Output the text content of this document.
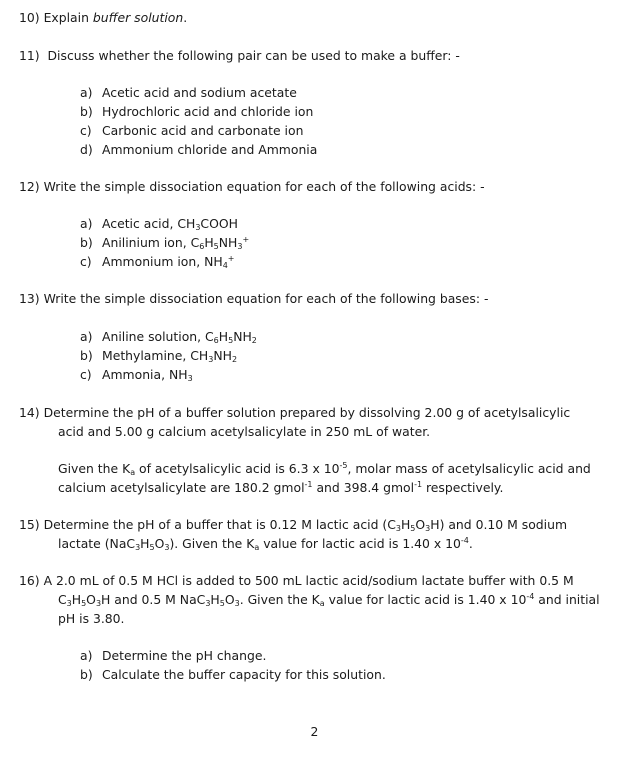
10) Explain buffer solution.
11) Discuss whether the following pair can be used to make a buffer: -
a) Acetic acid and sodium acetate
b) Hydrochloric acid and chloride ion
c) Carbonic acid and carbonate ion
d) Ammonium chloride and Ammonia
12) Write the simple dissociation equation for each of the following acids: -
a) Acetic acid, $CH_3COOH$
b) Anilinium ion, $C_6H_5NH_3^+$
c) Ammonium ion, $NH_4^+$
13) Write the simple dissociation equation for each of the following bases: -
a) Aniline solution, $C_6H_5NH_2$
b) Methylamine, $CH_3NH_2$
c) Ammonia, $NH_3$
14) Determine the pH of a buffer solution prepared by dissolving 2.00 g of acetylsalicylic
acid and 5.00 g calcium acetylsalicylate in 250 mL of water.
Given the $K_a$ of acetylsalicylic acid is 6.3 x $10^{-5}$, molar mass of acetylsalicylic acid and
calcium acetylsalicylate are 180.2 gmol$^{-1}$ and 398.4 gmol$^{-1}$ respectively.
15) Determine the pH of a buffer that is 0.12 M lactic acid $(C_3H_5O_3H)$ and 0.10 M sodium
lactate $(NaC_3H_5O_3)$. Given the $K_a$ value for lactic acid is 1.40 x $10^{-4}$.
16) A 2.0 mL of 0.5 M HCl is added to 500 mL lactic acid/sodium lactate buffer with 0.5 M
$C_3H_5O_3H$ and 0.5 M $NaC_3H_5O_3$. Given the $K_a$ value for lactic acid is 1.40 x $10^{-4}$ and initial
pH is 3.80.
a) Determine the pH change.
b) Calculate the buffer capacity for this solution.
2
